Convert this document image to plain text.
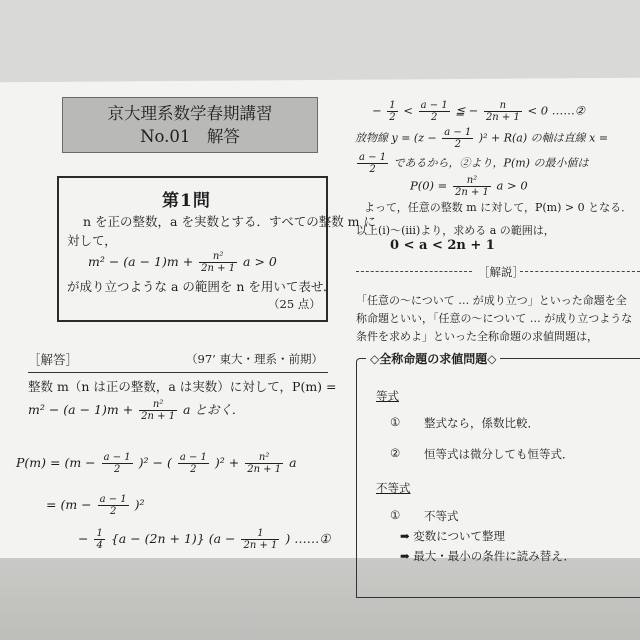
京大理系数学春期講習
No.01　解答
第1問
n を正の整数，a を実数とする．すべての整数 m に
対して，
$m^2 - (a - 1)m + \frac{\text{n²}}{2n + 1}$ a > 0
が成り立つような a の範囲を n を用いて表せ．
（25 点）
［解答］	（97’ 東大・理系・前期）
整数 m（n は正の整数，a は実数）に対して，P(m) =
$m^2 - (a - 1)m + \frac{\text{n²}}{2n + 1}$ a とおく．
$P(m) = (m - \frac{a - 1}{2} )^2$ − ( $\frac{a - 1}{2} )^2 + \frac{\text{n²}}{2n + 1}$ a
= $(m - \frac{a - 1}{2} )^2$
− $\frac{1}{4} \{a - (2n + 1)\} (a - \frac{1}{2n + 1}$ ) ……①
− $\frac{1}{2} < \frac{a - 1}{2}$ ≦ − $\frac{n}{2n + 1} < 0$ ……②
放物線 $y = (z - \frac{a - 1}{2} )^2 + R(a)$ の軸は直線 x =
$\frac{a - 1}{2}$ であるから，②より，P(m) の最小値は
$P(0) = \frac{\text{n²}}{2n + 1}$ a > 0
よって，任意の整数 m に対して，P(m) > 0 となる．
以上(i)〜(iii)より，求める a の範囲は，
0 < a < 2n + 1
［解説］
「任意の〜について … が成り立つ」といった命題を全
称命題といい，「任意の〜について … が成り立つような
条件を求めよ」といった全称命題の求値問題は，
◇全称命題の求値問題◇
等式
① 整式なら，係数比較．
② 恒等式は微分しても恒等式．
不等式
① 不等式
➡ 変数について整理
➡ 最大・最小の条件に読み替え．
